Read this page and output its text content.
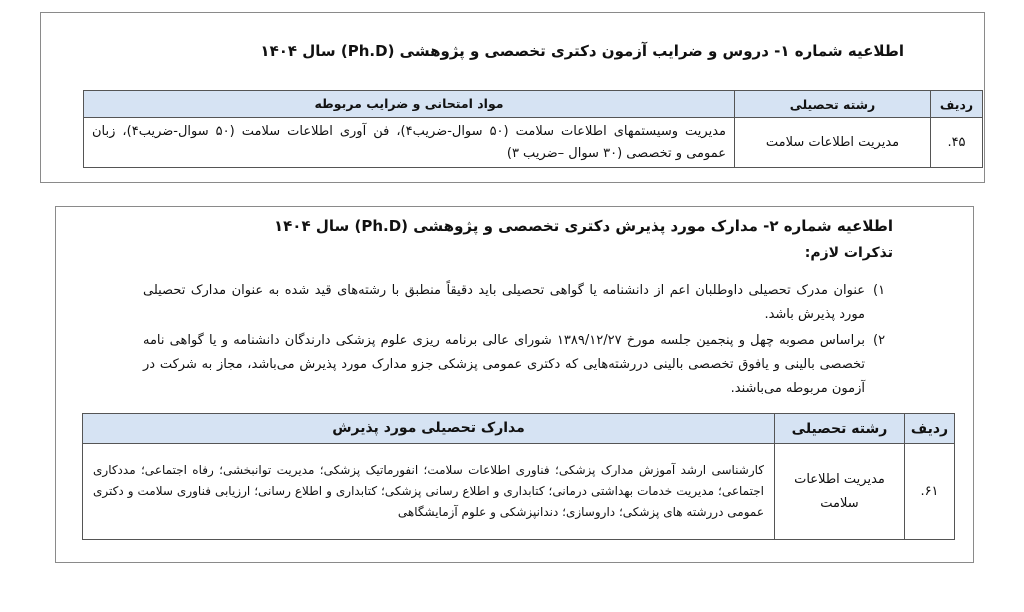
اطلاعیه شماره ۱- دروس و ضرایب آزمون دکتری تخصصی و پژوهشی (Ph.D) سال ۱۴۰۴
ردیف	رشته تحصیلی	مواد امتحانی و ضرایب مربوطه
۴۵.	مدیریت اطلاعات سلامت	مدیریت وسیستمهای اطلاعات سلامت (۵۰ سوال-ضریب۴)، فن آوری اطلاعات سلامت (۵۰ سوال-ضریب۴)، زبان عمومی و تخصصی (۳۰ سوال –ضریب ۳)
اطلاعیه شماره ۲- مدارک مورد پذیرش دکتری تخصصی و پژوهشی (Ph.D) سال ۱۴۰۴
تذکرات لازم:
۱)
عنوان مدرک تحصیلی داوطلبان اعم از دانشنامه یا گواهی تحصیلی باید دقیقاً منطبق با رشته‌های قید شده به عنوان مدارک تحصیلی مورد پذیرش باشد.
۲)
براساس مصوبه چهل و پنجمین جلسه مورخ ۱۳۸۹/۱۲/۲۷ شورای عالی برنامه ریزی علوم پزشکی دارندگان دانشنامه و یا گواهی نامه تخصصی بالینی و یافوق تخصصی بالینی دررشته‌هایی که دکتری عمومی پزشکی جزو مدارک مورد پذیرش می‌باشد، مجاز به شرکت در آزمون مربوطه می‌باشند.
ردیف	رشته تحصیلی	مدارک تحصیلی مورد پذیرش
۶۱.	مدیریت اطلاعات سلامت	کارشناسی ارشد آموزش مدارک پزشکی؛ فناوری اطلاعات سلامت؛ انفورماتیک پزشکی؛ مدیریت توانبخشی؛ رفاه اجتماعی؛ مددکاری اجتماعی؛ مدیریت خدمات بهداشتی درمانی؛ کتابداری و اطلاع رسانی پزشکی؛ کتابداری و اطلاع رسانی؛ ارزیابی فناوری سلامت و دکتری عمومی دررشته های پزشکی؛ داروسازی؛ دندانپزشکی و علوم آزمایشگاهی
